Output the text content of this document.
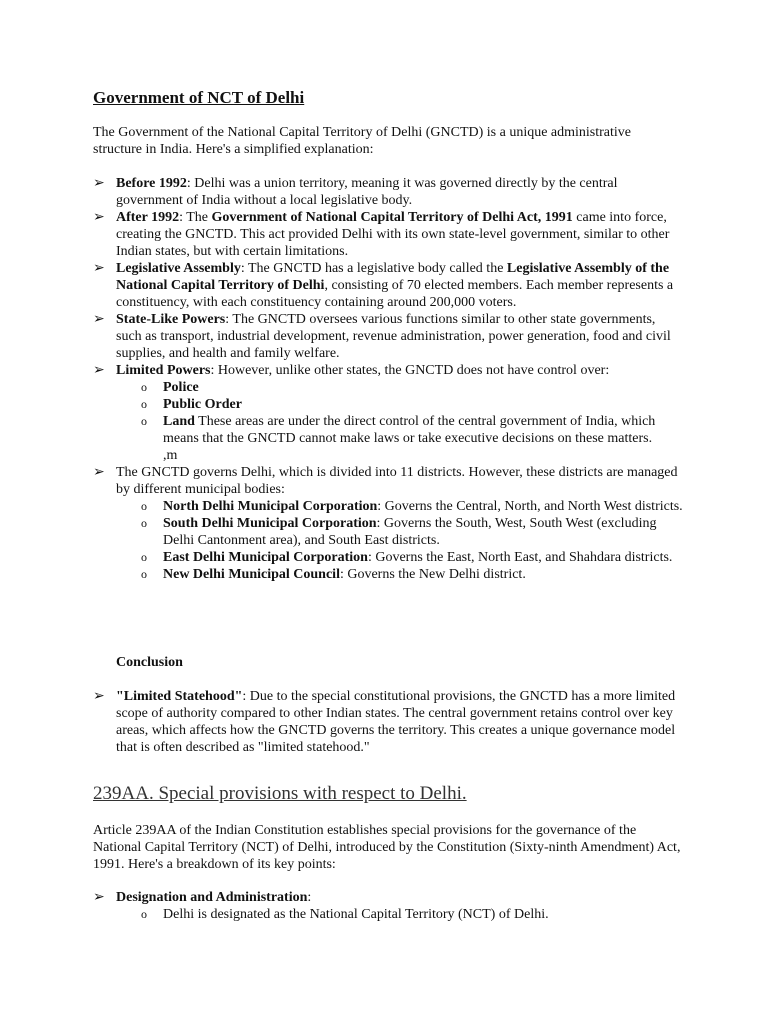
Government of NCT of Delhi
The Government of the National Capital Territory of Delhi (GNCTD) is a unique administrative structure in India. Here's a simplified explanation:
➢ Before 1992: Delhi was a union territory, meaning it was governed directly by the central government of India without a local legislative body.
➢ After 1992: The Government of National Capital Territory of Delhi Act, 1991 came into force, creating the GNCTD. This act provided Delhi with its own state-level government, similar to other Indian states, but with certain limitations.
➢ Legislative Assembly: The GNCTD has a legislative body called the Legislative Assembly of the National Capital Territory of Delhi, consisting of 70 elected members. Each member represents a constituency, with each constituency containing around 200,000 voters.
➢ State-Like Powers: The GNCTD oversees various functions similar to other state governments, such as transport, industrial development, revenue administration, power generation, food and civil supplies, and health and family welfare.
➢ Limited Powers: However, unlike other states, the GNCTD does not have control over:
o Police
o Public Order
o Land These areas are under the direct control of the central government of India, which means that the GNCTD cannot make laws or take executive decisions on these matters.       ,m
➢ The GNCTD governs Delhi, which is divided into 11 districts. However, these districts are managed by different municipal bodies:
o North Delhi Municipal Corporation: Governs the Central, North, and North West districts.
o South Delhi Municipal Corporation: Governs the South, West, South West (excluding Delhi Cantonment area), and South East districts.
o East Delhi Municipal Corporation: Governs the East, North East, and Shahdara districts.
o New Delhi Municipal Council: Governs the New Delhi district.
Conclusion
➢ "Limited Statehood": Due to the special constitutional provisions, the GNCTD has a more limited scope of authority compared to other Indian states. The central government retains control over key areas, which affects how the GNCTD governs the territory. This creates a unique governance model that is often described as "limited statehood."
239AA. Special provisions with respect to Delhi.
Article 239AA of the Indian Constitution establishes special provisions for the governance of the National Capital Territory (NCT) of Delhi, introduced by the Constitution (Sixty-ninth Amendment) Act, 1991. Here's a breakdown of its key points:
➢ Designation and Administration:
o Delhi is designated as the National Capital Territory (NCT) of Delhi.
